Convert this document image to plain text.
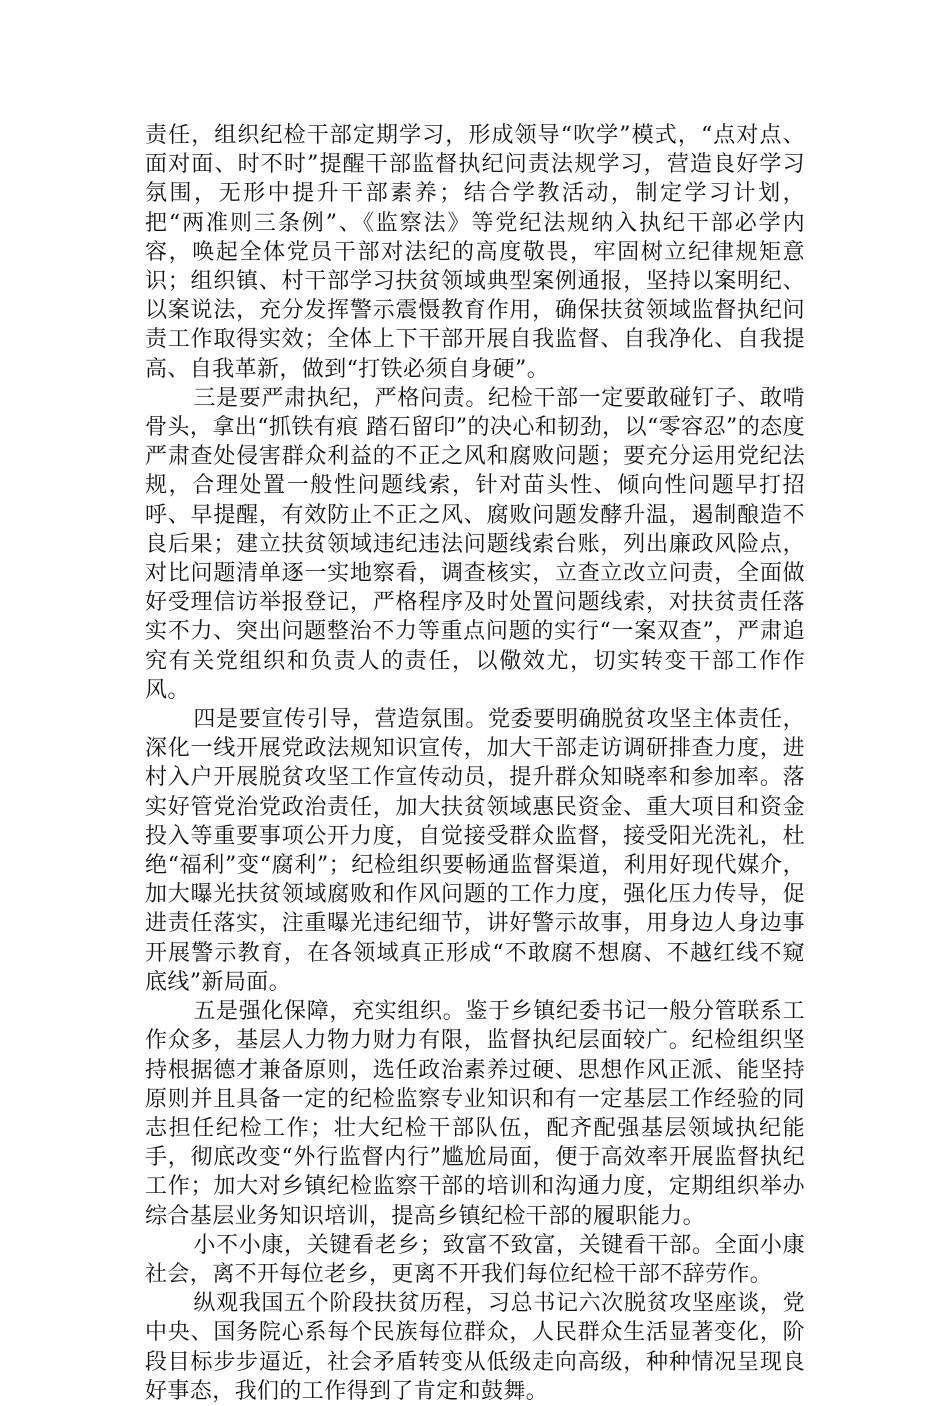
责任，组织纪检干部定期学习，形成领导“吹学”模式，“点对点、面对面、时不时”提醒干部监督执纪问责法规学习，营造良好学习氛围，无形中提升干部素养；结合学教活动，制定学习计划，把“两准则三条例”、《监察法》等党纪法规纳入执纪干部必学内容，唤起全体党员干部对法纪的高度敬畏，牢固树立纪律规矩意识；组织镇、村干部学习扶贫领域典型案例通报，坚持以案明纪、以案说法，充分发挥警示震慑教育作用，确保扶贫领域监督执纪问责工作取得实效；全体上下干部开展自我监督、自我净化、自我提高、自我革新，做到“打铁必须自身硬”。

三是要严肃执纪，严格问责。纪检干部一定要敢碰钉子、敢啃骨头，拿出“抓铁有痕 踏石留印”的决心和韧劲，以“零容忍”的态度严肃查处侵害群众利益的不正之风和腐败问题；要充分运用党纪法规，合理处置一般性问题线索，针对苗头性、倾向性问题早打招呼、早提醒，有效防止不正之风、腐败问题发酵升温，遏制酿造不良后果；建立扶贫领域违纪违法问题线索台账，列出廉政风险点，对比问题清单逐一实地察看，调查核实，立查立改立问责，全面做好受理信访举报登记，严格程序及时处置问题线索，对扶贫责任落实不力、突出问题整治不力等重点问题的实行“一案双查”，严肃追究有关党组织和负责人的责任，以儆效尤，切实转变干部工作作风。

四是要宣传引导，营造氛围。党委要明确脱贫攻坚主体责任，深化一线开展党政法规知识宣传，加大干部走访调研排查力度，进村入户开展脱贫攻坚工作宣传动员，提升群众知晓率和参加率。落实好管党治党政治责任，加大扶贫领域惠民资金、重大项目和资金投入等重要事项公开力度，自觉接受群众监督，接受阳光洗礼，杜绝“福利”变“腐利”；纪检组织要畅通监督渠道，利用好现代媒介，加大曝光扶贫领域腐败和作风问题的工作力度，强化压力传导，促进责任落实，注重曝光违纪细节，讲好警示故事，用身边人身边事开展警示教育，在各领域真正形成“不敢腐不想腐、不越红线不窥底线”新局面。

五是强化保障，充实组织。鉴于乡镇纪委书记一般分管联系工作众多，基层人力物力财力有限，监督执纪层面较广。纪检组织坚持根据德才兼备原则，选任政治素养过硬、思想作风正派、能坚持原则并且具备一定的纪检监察专业知识和有一定基层工作经验的同志担任纪检工作；壮大纪检干部队伍，配齐配强基层领域执纪能手，彻底改变“外行监督内行”尴尬局面，便于高效率开展监督执纪工作；加大对乡镇纪检监察干部的培训和沟通力度，定期组织举办综合基层业务知识培训，提高乡镇纪检干部的履职能力。

小不小康，关键看老乡；致富不致富，关键看干部。全面小康社会，离不开每位老乡，更离不开我们每位纪检干部不辞劳作。

纵观我国五个阶段扶贫历程，习总书记六次脱贫攻坚座谈，党中央、国务院心系每个民族每位群众，人民群众生活显著变化，阶段目标步步逼近，社会矛盾转变从低级走向高级，种种情况呈现良好事态，我们的工作得到了肯定和鼓舞。
